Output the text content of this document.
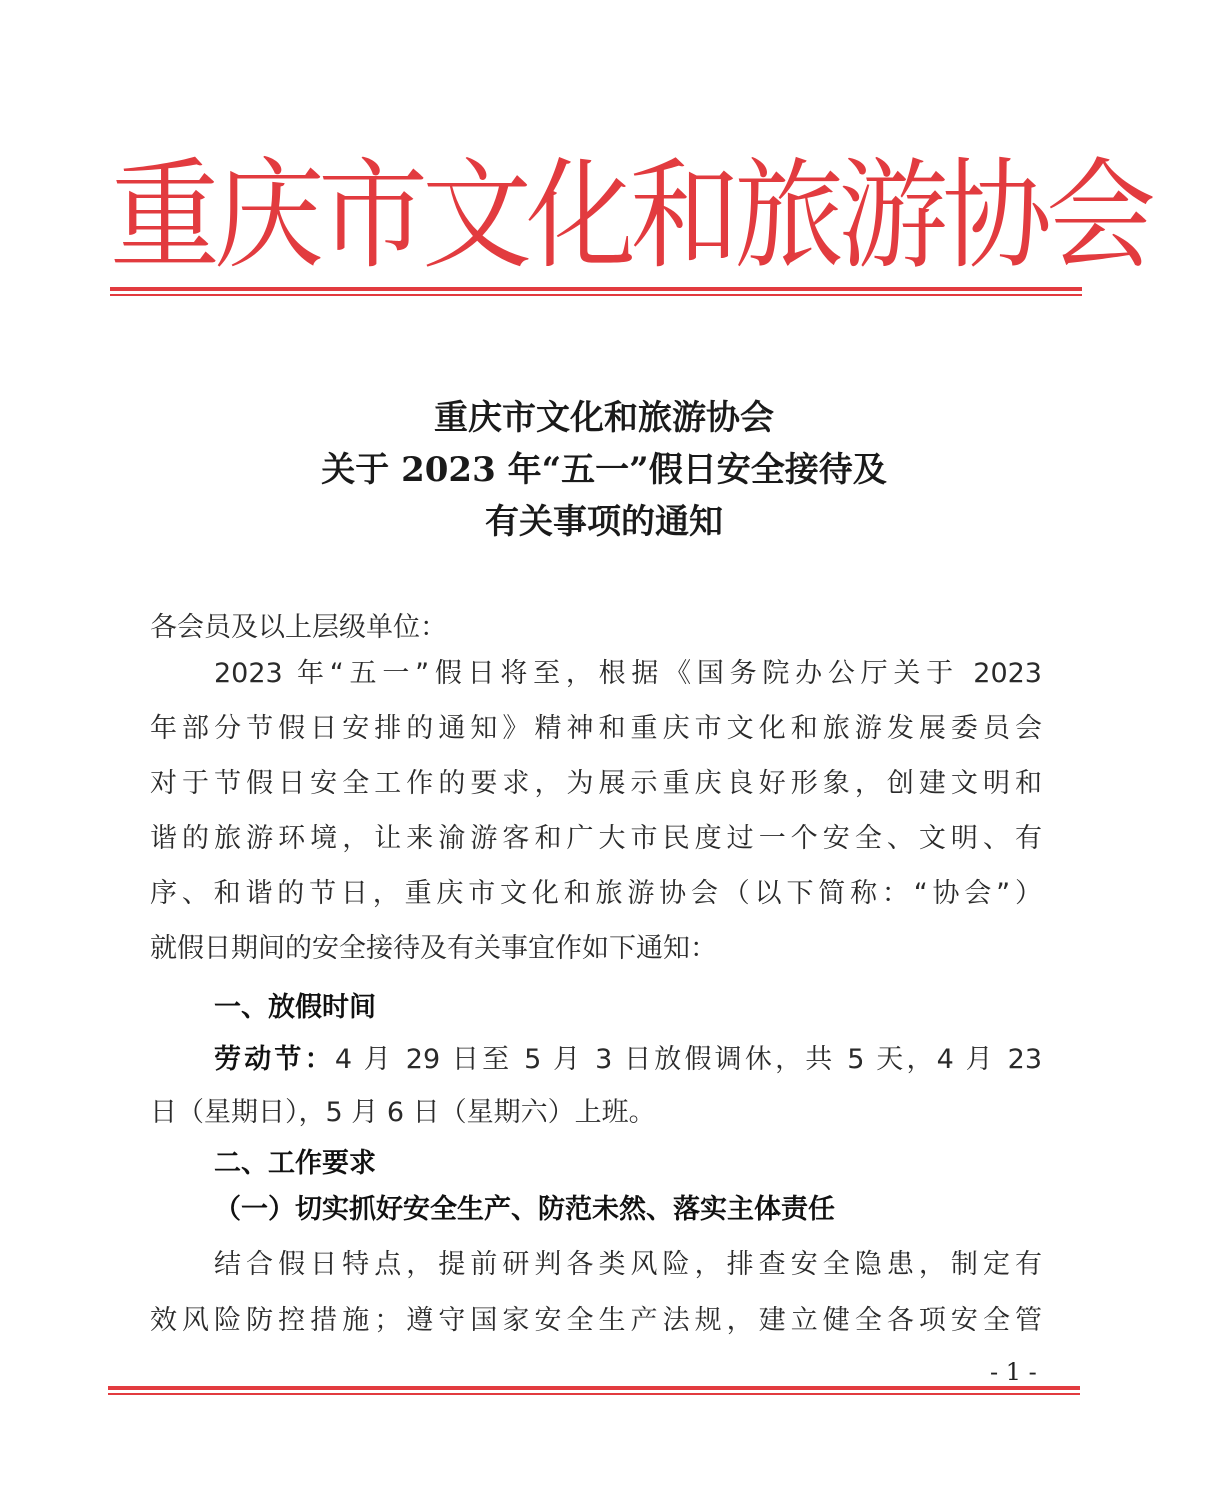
重庆市文化和旅游协会
重庆市文化和旅游协会
关于 2023 年“五一”假日安全接待及
有关事项的通知
各会员及以上层级单位：
2023 年“五一”假日将至，根据《国务院办公厅关于 2023
年部分节假日安排的通知》精神和重庆市文化和旅游发展委员会
对于节假日安全工作的要求，为展示重庆良好形象，创建文明和
谐的旅游环境，让来渝游客和广大市民度过一个安全、文明、有
序、和谐的节日，重庆市文化和旅游协会（以下简称：“协会”）
就假日期间的安全接待及有关事宜作如下通知：
一、放假时间
劳动节：4 月 29 日至 5 月 3 日放假调休，共 5 天，4 月 23
日（星期日），5 月 6 日（星期六）上班。
二、工作要求
（一）切实抓好安全生产、防范未然、落实主体责任
结合假日特点，提前研判各类风险，排查安全隐患，制定有
效风险防控措施；遵守国家安全生产法规，建立健全各项安全管
- 1 -
